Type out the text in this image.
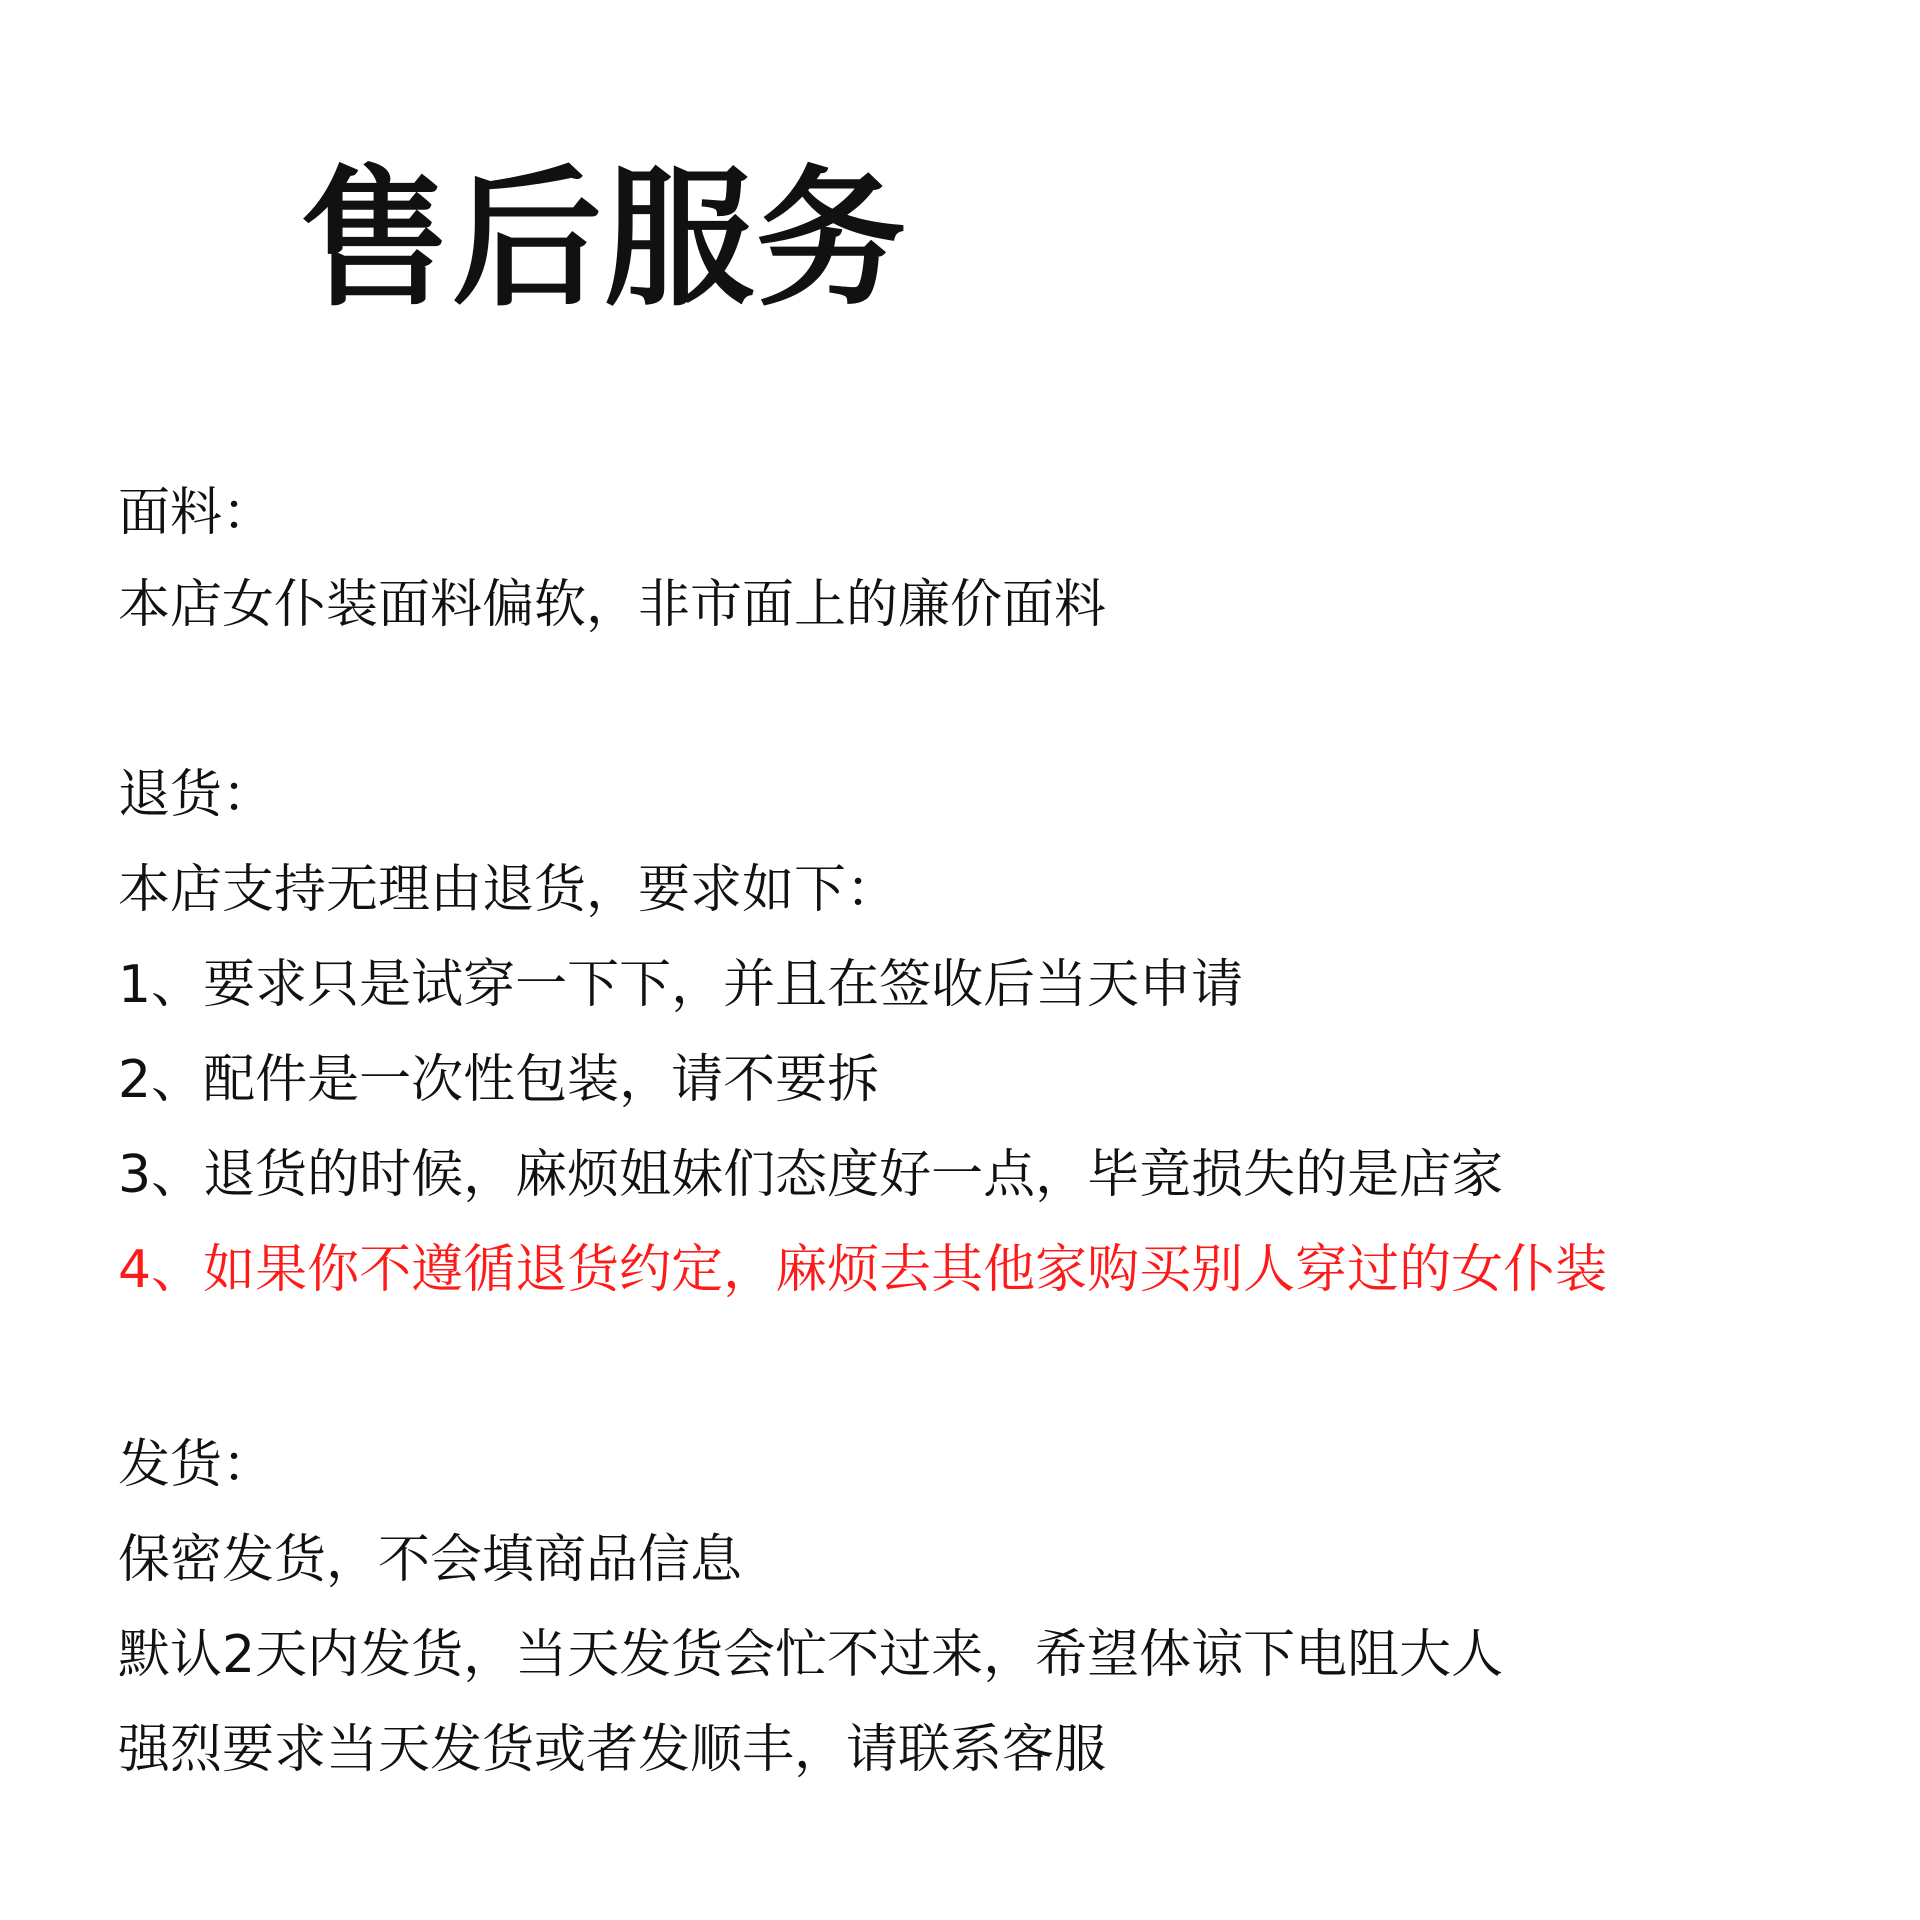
售后服务
面料：
本店女仆装面料偏软，非市面上的廉价面料
退货：
本店支持无理由退货，要求如下：
1、要求只是试穿一下下，并且在签收后当天申请
2、配件是一次性包装，请不要拆
3、退货的时候，麻烦姐妹们态度好一点，毕竟损失的是店家
4、如果你不遵循退货约定，麻烦去其他家购买别人穿过的女仆装
发货：
保密发货，不会填商品信息
默认2天内发货，当天发货会忙不过来，希望体谅下电阻大人
强烈要求当天发货或者发顺丰，请联系客服
